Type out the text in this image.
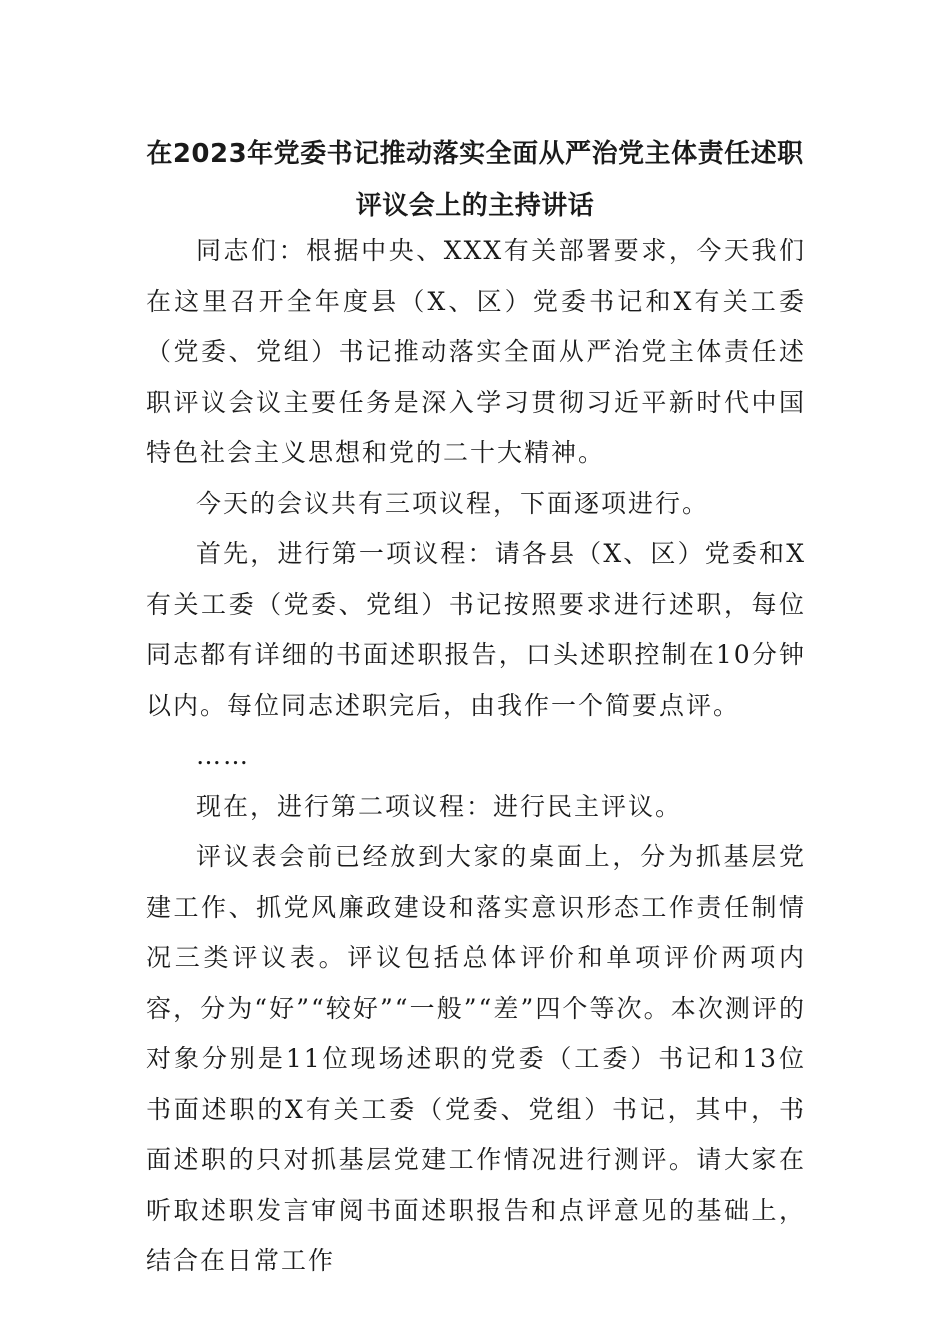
在2023年党委书记推动落实全面从严治党主体责任述职评议会上的主持讲话

同志们：根据中央、XXX有关部署要求，今天我们在这里召开全年度县（X、区）党委书记和X有关工委（党委、党组）书记推动落实全面从严治党主体责任述职评议会议主要任务是深入学习贯彻习近平新时代中国特色社会主义思想和党的二十大精神。

今天的会议共有三项议程，下面逐项进行。

首先，进行第一项议程：请各县（X、区）党委和X有关工委（党委、党组）书记按照要求进行述职，每位同志都有详细的书面述职报告，口头述职控制在10分钟以内。每位同志述职完后，由我作一个简要点评。

……

现在，进行第二项议程：进行民主评议。

评议表会前已经放到大家的桌面上，分为抓基层党建工作、抓党风廉政建设和落实意识形态工作责任制情况三类评议表。评议包括总体评价和单项评价两项内容，分为“好”“较好”“一般”“差”四个等次。本次测评的对象分别是11位现场述职的党委（工委）书记和13位书面述职的X有关工委（党委、党组）书记，其中，书面述职的只对抓基层党建工作情况进行测评。请大家在听取述职发言审阅书面述职报告和点评意见的基础上，结合在日常工作
